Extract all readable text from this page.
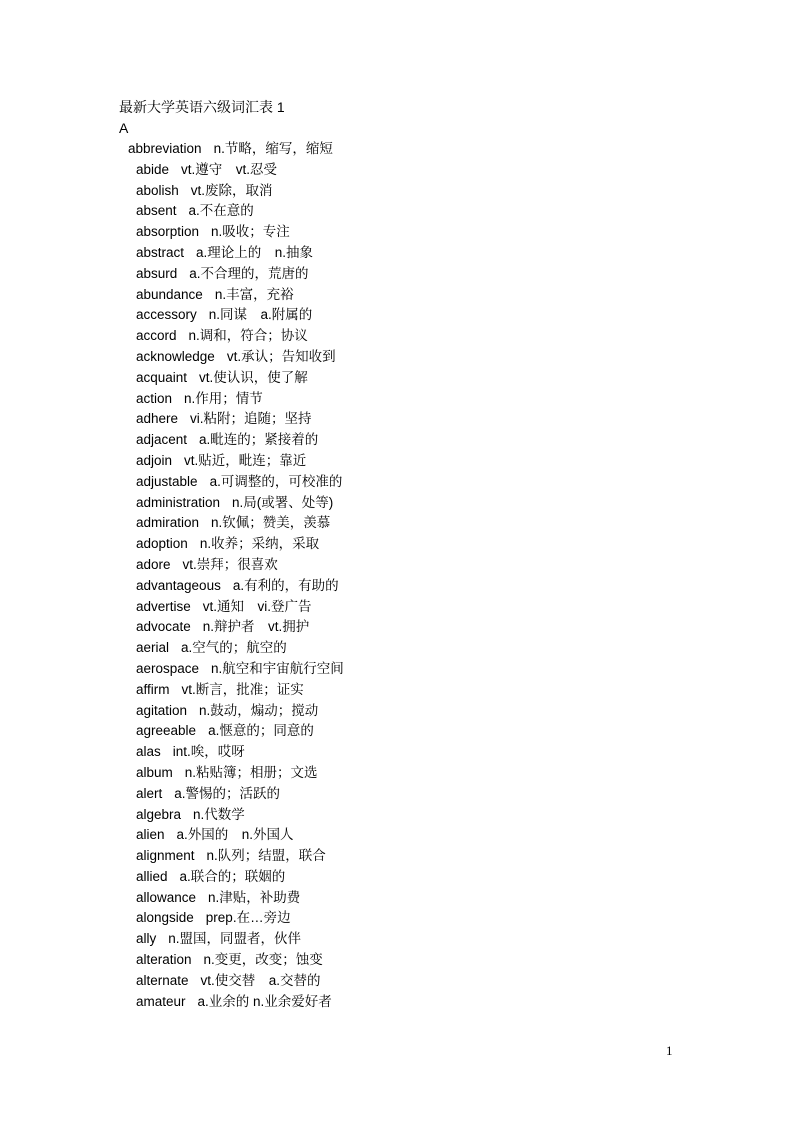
最新大学英语六级词汇表 1
A
abbreviation n.节略，缩写，缩短
abide vt.遵守　vt.忍受
abolish vt.废除，取消
absent a.不在意的
absorption n.吸收；专注
abstract a.理论上的　n.抽象
absurd a.不合理的，荒唐的
abundance n.丰富，充裕
accessory n.同谋　a.附属的
accord n.调和，符合；协议
acknowledge vt.承认；告知收到
acquaint vt.使认识，使了解
action n.作用；情节
adhere vi.粘附；追随；坚持
adjacent a.毗连的；紧接着的
adjoin vt.贴近，毗连；靠近
adjustable a.可调整的，可校准的
administration n.局(或署、处等)
admiration n.钦佩；赞美，羡慕
adoption n.收养；采纳，采取
adore vt.崇拜；很喜欢
advantageous a.有利的，有助的
advertise vt.通知　vi.登广告
advocate n.辩护者　vt.拥护
aerial a.空气的；航空的
aerospace n.航空和宇宙航行空间
affirm vt.断言，批准；证实
agitation n.鼓动，煽动；搅动
agreeable a.惬意的；同意的
alas int.唉，哎呀
album n.粘贴簿；相册；文选
alert a.警惕的；活跃的
algebra n.代数学
alien a.外国的　n.外国人
alignment n.队列；结盟，联合
allied a.联合的；联姻的
allowance n.津贴，补助费
alongside prep.在…旁边
ally n.盟国，同盟者，伙伴
alteration n.变更，改变；蚀变
alternate vt.使交替　a.交替的
amateur a.业余的 n.业余爱好者
1
